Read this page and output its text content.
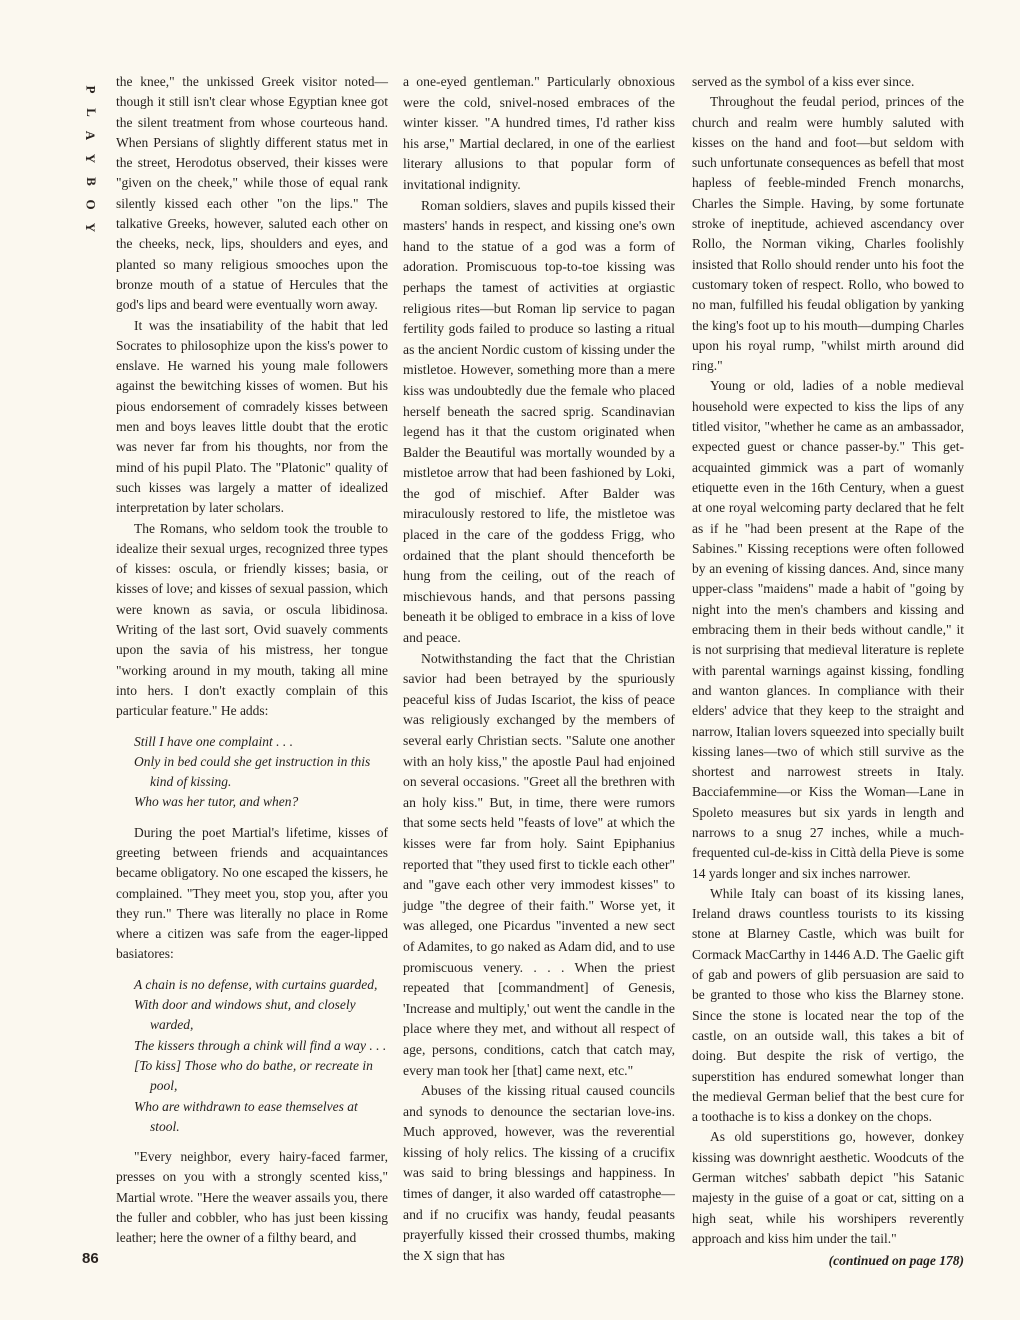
P
L
A
Y
B
O
Y
86

the knee," the unkissed Greek visitor noted—though it still isn't clear whose Egyptian knee got the silent treatment from whose courteous hand. When Persians of slightly different status met in the street, Herodotus observed, their kisses were "given on the cheek," while those of equal rank silently kissed each other "on the lips." The talkative Greeks, however, saluted each other on the cheeks, neck, lips, shoulders and eyes, and planted so many religious smooches upon the bronze mouth of a statue of Hercules that the god's lips and beard were eventually worn away.

It was the insatiability of the habit that led Socrates to philosophize upon the kiss's power to enslave. He warned his young male followers against the bewitching kisses of women. But his pious endorsement of comradely kisses between men and boys leaves little doubt that the erotic was never far from his thoughts, nor from the mind of his pupil Plato. The "Platonic" quality of such kisses was largely a matter of idealized interpretation by later scholars.

The Romans, who seldom took the trouble to idealize their sexual urges, recognized three types of kisses: oscula, or friendly kisses; basia, or kisses of love; and kisses of sexual passion, which were known as savia, or oscula libidinosa. Writing of the last sort, Ovid suavely comments upon the savia of his mistress, her tongue "working around in my mouth, taking all mine into hers. I don't exactly complain of this particular feature." He adds:

Still I have one complaint . . .
Only in bed could she get instruction in this kind of kissing.
Who was her tutor, and when?

During the poet Martial's lifetime, kisses of greeting between friends and acquaintances became obligatory. No one escaped the kissers, he complained. "They meet you, stop you, after you they run." There was literally no place in Rome where a citizen was safe from the eager-lipped basiatores:

A chain is no defense, with curtains guarded,
With door and windows shut, and closely warded,
The kissers through a chink will find a way . . .
[To kiss] Those who do bathe, or recreate in pool,
Who are withdrawn to ease themselves at stool.

"Every neighbor, every hairy-faced farmer, presses on you with a strongly scented kiss," Martial wrote. "Here the weaver assails you, there the fuller and cobbler, who has just been kissing leather; here the owner of a filthy beard, and

a one-eyed gentleman." Particularly obnoxious were the cold, snivel-nosed embraces of the winter kisser. "A hundred times, I'd rather kiss his arse," Martial declared, in one of the earliest literary allusions to that popular form of invitational indignity.

Roman soldiers, slaves and pupils kissed their masters' hands in respect, and kissing one's own hand to the statue of a god was a form of adoration. Promiscuous top-to-toe kissing was perhaps the tamest of activities at orgiastic religious rites—but Roman lip service to pagan fertility gods failed to produce so lasting a ritual as the ancient Nordic custom of kissing under the mistletoe. However, something more than a mere kiss was undoubtedly due the female who placed herself beneath the sacred sprig. Scandinavian legend has it that the custom originated when Balder the Beautiful was mortally wounded by a mistletoe arrow that had been fashioned by Loki, the god of mischief. After Balder was miraculously restored to life, the mistletoe was placed in the care of the goddess Frigg, who ordained that the plant should thenceforth be hung from the ceiling, out of the reach of mischievous hands, and that persons passing beneath it be obliged to embrace in a kiss of love and peace.

Notwithstanding the fact that the Christian savior had been betrayed by the spuriously peaceful kiss of Judas Iscariot, the kiss of peace was religiously exchanged by the members of several early Christian sects. "Salute one another with an holy kiss," the apostle Paul had enjoined on several occasions. "Greet all the brethren with an holy kiss." But, in time, there were rumors that some sects held "feasts of love" at which the kisses were far from holy. Saint Epiphanius reported that "they used first to tickle each other" and "gave each other very immodest kisses" to judge "the degree of their faith." Worse yet, it was alleged, one Picardus "invented a new sect of Adamites, to go naked as Adam did, and to use promiscuous venery. . . . When the priest repeated that [commandment] of Genesis, 'Increase and multiply,' out went the candle in the place where they met, and without all respect of age, persons, conditions, catch that catch may, every man took her [that] came next, etc."

Abuses of the kissing ritual caused councils and synods to denounce the sectarian love-ins. Much approved, however, was the reverential kissing of holy relics. The kissing of a crucifix was said to bring blessings and happiness. In times of danger, it also warded off catastrophe—and if no crucifix was handy, feudal peasants prayerfully kissed their crossed thumbs, making the X sign that has

served as the symbol of a kiss ever since.

Throughout the feudal period, princes of the church and realm were humbly saluted with kisses on the hand and foot—but seldom with such unfortunate consequences as befell that most hapless of feeble-minded French monarchs, Charles the Simple. Having, by some fortunate stroke of ineptitude, achieved ascendancy over Rollo, the Norman viking, Charles foolishly insisted that Rollo should render unto his foot the customary token of respect. Rollo, who bowed to no man, fulfilled his feudal obligation by yanking the king's foot up to his mouth—dumping Charles upon his royal rump, "whilst mirth around did ring."

Young or old, ladies of a noble medieval household were expected to kiss the lips of any titled visitor, "whether he came as an ambassador, expected guest or chance passer-by." This get-acquainted gimmick was a part of womanly etiquette even in the 16th Century, when a guest at one royal welcoming party declared that he felt as if he "had been present at the Rape of the Sabines." Kissing receptions were often followed by an evening of kissing dances. And, since many upper-class "maidens" made a habit of "going by night into the men's chambers and kissing and embracing them in their beds without candle," it is not surprising that medieval literature is replete with parental warnings against kissing, fondling and wanton glances. In compliance with their elders' advice that they keep to the straight and narrow, Italian lovers squeezed into specially built kissing lanes—two of which still survive as the shortest and narrowest streets in Italy. Bacciafemmine—or Kiss the Woman—Lane in Spoleto measures but six yards in length and narrows to a snug 27 inches, while a much-frequented cul-de-kiss in Città della Pieve is some 14 yards longer and six inches narrower.

While Italy can boast of its kissing lanes, Ireland draws countless tourists to its kissing stone at Blarney Castle, which was built for Cormack MacCarthy in 1446 A.D. The Gaelic gift of gab and powers of glib persuasion are said to be granted to those who kiss the Blarney stone. Since the stone is located near the top of the castle, on an outside wall, this takes a bit of doing. But despite the risk of vertigo, the superstition has endured somewhat longer than the medieval German belief that the best cure for a toothache is to kiss a donkey on the chops.

As old superstitions go, however, donkey kissing was downright aesthetic. Woodcuts of the German witches' sabbath depict "his Satanic majesty in the guise of a goat or cat, sitting on a high seat, while his worshipers reverently approach and kiss him under the tail."

(continued on page 178)
